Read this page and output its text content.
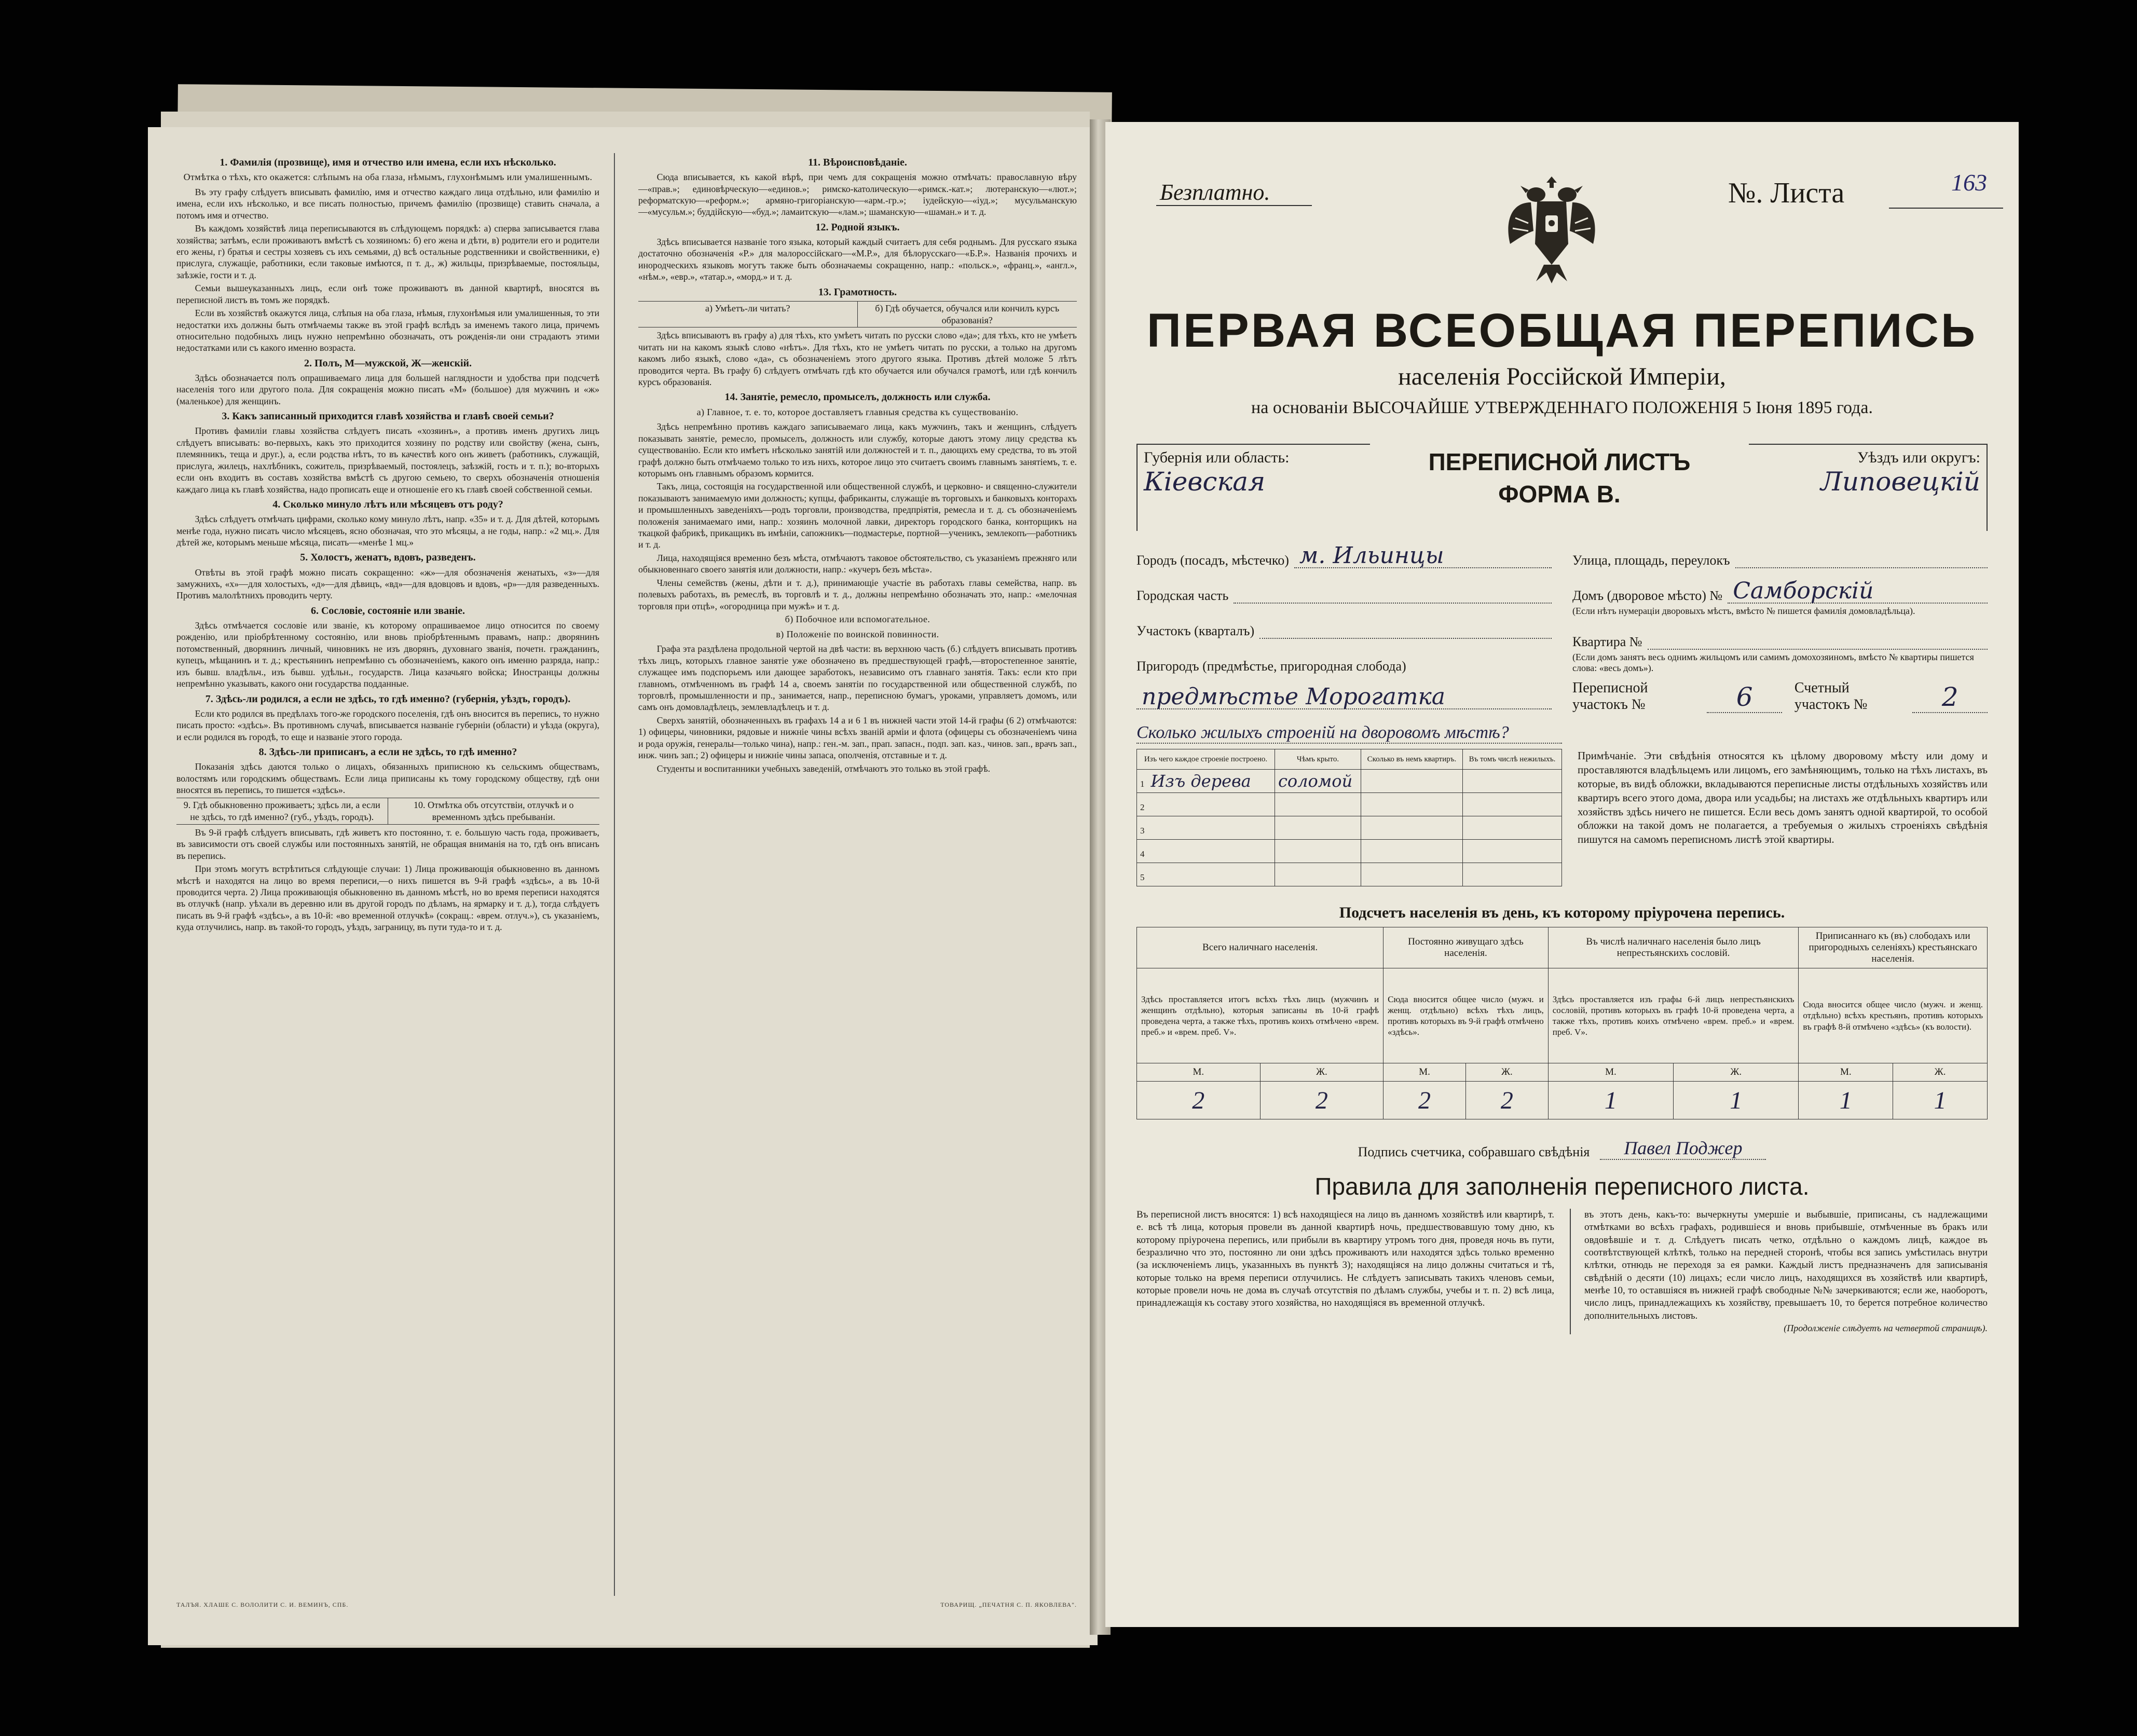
1. Фамилія (прозвище), имя и отчество или имена, если ихъ нѣсколько.
Отмѣтка о тѣхъ, кто окажется: слѣпымъ на оба глаза, нѣмымъ, глухонѣмымъ или умалишеннымъ.

Въ эту графу слѣдуетъ вписывать фамилію, имя и отчество каждаго лица отдѣльно, или фамилію и имена, если ихъ нѣсколько, и все писать полностью, причемъ фамилію (прозвище) ставить сначала, а потомъ имя и отчество.

Въ каждомъ хозяйствѣ лица переписываются въ слѣдующемъ порядкѣ: а) сперва записывается глава хозяйства; затѣмъ, если проживаютъ вмѣстѣ съ хозяиномъ: б) его жена и дѣти, в) родители его и родители его жены, г) братья и сестры хозяевъ съ ихъ семьями, д) всѣ остальные родственники и свойственники, е) прислуга, служащіе, работники, если таковые имѣются, п т. д., ж) жильцы, призрѣваемые, постояльцы, заѣзжіе, гости и т. д.

Семьи вышеуказанныхъ лицъ, если онѣ тоже проживаютъ въ данной квартирѣ, вносятся въ переписной листъ въ томъ же порядкѣ.

Если въ хозяйствѣ окажутся лица, слѣпыя на оба глаза, нѣмыя, глухонѣмыя или умалишенныя, то эти недостатки ихъ должны быть отмѣчаемы также въ этой графѣ вслѣдъ за именемъ такого лица, причемъ относительно подобныхъ лицъ нужно непремѣнно обозначать, отъ рожденія-ли они страдаютъ этими недостатками или съ какого именно возраста.

2. Полъ, М—мужской, Ж—женскій.

Здѣсь обозначается полъ опрашиваемаго лица для большей наглядности и удобства при подсчетѣ населенія того или другого пола. Для сокращенія можно писать «М» (большое) для мужчинъ и «ж» (маленькое) для женщинъ.

3. Какъ записанный приходится главѣ хозяйства и главѣ своей семьи?

Противъ фамиліи главы хозяйства слѣдуетъ писать «хозяинъ», а противъ именъ другихъ лицъ слѣдуетъ вписывать: во-первыхъ, какъ это приходится хозяину по родству или свойству (жена, сынъ, племянникъ, теща и друг.), а, если родства нѣтъ, то въ качествѣ кого онъ живетъ (работникъ, служащій, прислуга, жилецъ, нахлѣбникъ, сожитель, призрѣваемый, постоялецъ, заѣзжій, гость и т. п.); во-вторыхъ если онъ входитъ въ составъ хозяйства вмѣстѣ съ другою семьею, то сверхъ обозначенія отношенія каждаго лица къ главѣ хозяйства, надо прописать еще и отношеніе его къ главѣ своей собственной семьи.

4. Сколько минуло лѣтъ или мѣсяцевъ отъ роду?

Здѣсь слѣдуетъ отмѣчать цифрами, сколько кому минуло лѣтъ, напр. «35» и т. д. Для дѣтей, которымъ менѣе года, нужно писать число мѣсяцевъ, ясно обозначая, что это мѣсяцы, а не годы, напр.: «2 мц.». Для дѣтей же, которымъ меньше мѣсяца, писать—«менѣе 1 мц.»

5. Холостъ, женатъ, вдовъ, разведенъ.

Отвѣты въ этой графѣ можно писать сокращенно: «ж»—для обозначенія женатыхъ, «з»—для замужнихъ, «х»—для холостыхъ, «д»—для дѣвицъ, «вд»—для вдовцовъ и вдовъ, «р»—для разведенныхъ. Противъ малолѣтнихъ проводить черту.

6. Сословіе, состояніе или званіе.

Здѣсь отмѣчается сословіе или званіе, къ которому опрашиваемое лицо относится по своему рожденію, или пріобрѣтенному состоянію, или вновь пріобрѣтеннымъ правамъ, напр.: дворянинъ потомственный, дворянинъ личный, чиновникъ не изъ дворянъ, духовнаго званія, почетн. гражданинъ, купецъ, мѣщанинъ и т. д.; крестьянинъ непремѣнно съ обозначеніемъ, какого онъ именно разряда, напр.: изъ бывш. владѣльч., изъ бывш. удѣльн., государств. Лица казачьяго войска; Иностранцы должны непремѣнно указывать, какого они государства подданные.

7. Здѣсь-ли родился, а если не здѣсь, то гдѣ именно? (губернія, уѣздъ, городъ).

Если кто родился въ предѣлахъ того-же городского поселенія, гдѣ онъ вносится въ перепись, то нужно писать просто: «здѣсь». Въ противномъ случаѣ, вписывается названіе губерніи (области) и уѣзда (округа), и если родился въ городѣ, то еще и названіе этого города.

8. Здѣсь-ли приписанъ, а если не здѣсь, то гдѣ именно?

Показанія здѣсь даются только о лицахъ, обязанныхъ приписною къ сельскимъ обществамъ, волостямъ или городскимъ обществамъ. Если лица приписаны къ тому городскому обществу, гдѣ они вносятся въ перепись, то пишется «здѣсь».

9. Гдѣ обыкновенно проживаетъ; здѣсь ли, а если не здѣсь, то гдѣ именно? (губ., уѣздъ, городъ).
10. Отмѣтка объ отсутствіи, отлучкѣ и о временномъ здѣсь пребываніи.

Въ 9-й графѣ слѣдуетъ вписывать, гдѣ живетъ кто постоянно, т. е. большую часть года, проживаетъ, въ зависимости отъ своей службы или постоянныхъ занятій, не обращая вниманія на то, гдѣ онъ вписанъ въ перепись.

При этомъ могутъ встрѣтиться слѣдующіе случаи: 1) Лица проживающія обыкновенно въ данномъ мѣстѣ и находятся на лицо во время переписи,—о нихъ пишется въ 9-й графѣ «здѣсь», а въ 10-й проводится черта. 2) Лица проживающія обыкновенно въ данномъ мѣстѣ, но во время переписи находятся въ отлучкѣ (напр. уѣхали въ деревню или въ другой городъ по дѣламъ, на ярмарку и т. д.), тогда слѣдуетъ писать въ 9-й графѣ «здѣсь», а въ 10-й: «во временной отлучкѣ» (сокращ.: «врем. отлуч.»), съ указаніемъ, куда отлучились, напр. въ такой-то городъ, уѣздъ, заграницу, въ пути туда-то и т. д.

11. Вѣроисповѣданіе.

Сюда вписывается, къ какой вѣрѣ, при чемъ для сокращенія можно отмѣчать: православную вѣру—«прав.»; единовѣрческую—«единов.»; римско-католическую—«римск.-кат.»; лютеранскую—«лют.»; реформатскую—«реформ.»; армяно-григоріанскую—«арм.-гр.»; іудейскую—«іуд.»; мусульманскую—«мусульм.»; буддійскую—«буд.»; ламаитскую—«лам.»; шаманскую—«шаман.» и т. д.

12. Родной языкъ.

Здѣсь вписывается названіе того языка, который каждый считаетъ для себя роднымъ. Для русскаго языка достаточно обозначенія «Р.» для малороссійскаго—«М.Р.», для бѣлорусскаго—«Б.Р.». Названія прочихъ и инородческихъ языковъ могутъ также быть обозначаемы сокращенно, напр.: «польск.», «франц.», «англ.», «нѣм.», «евр.», «татар.», «морд.» и т. д.

13. Грамотность.
а) Умѣетъ-ли читать?	б) Гдѣ обучается, обучался или кончилъ курсъ образованія?

Здѣсь вписываютъ въ графу а) для тѣхъ, кто умѣетъ читать по русски слово «да»; для тѣхъ, кто не умѣетъ читать ни на какомъ языкѣ слово «нѣтъ». Для тѣхъ, кто не умѣетъ читать по русски, а только на другомъ какомъ либо языкѣ, слово «да», съ обозначеніемъ этого другого языка. Противъ дѣтей моложе 5 лѣтъ проводится черта. Въ графу б) слѣдуетъ отмѣчать гдѣ кто обучается или обучался грамотѣ, или гдѣ кончилъ курсъ образованія.

14. Занятіе, ремесло, промыселъ, должность или служба.
а) Главное, т. е. то, которое доставляетъ главныя средства къ существованію.

Здѣсь непремѣнно противъ каждаго записываемаго лица, какъ мужчинъ, такъ и женщинъ, слѣдуетъ показывать занятіе, ремесло, промыселъ, должность или службу, которые даютъ этому лицу средства къ существованію. Если кто имѣетъ нѣсколько занятій или должностей и т. п., дающихъ ему средства, то въ этой графѣ должно быть отмѣчаемо только то изъ нихъ, которое лицо это считаетъ своимъ главнымъ занятіемъ, т. е. которымъ онъ главнымъ образомъ кормится.

Такъ, лица, состоящія на государственной или общественной службѣ, и церковно- и священно-служители показываютъ занимаемую ими должность; купцы, фабриканты, служащіе въ торговыхъ и банковыхъ конторахъ и промышленныхъ заведеніяхъ—родъ торговли, производства, предпріятія, ремесла и т. д. съ обозначеніемъ положенія занимаемаго ими, напр.: хозяинъ молочной лавки, директоръ городского банка, конторщикъ на ткацкой фабрикѣ, прикащикъ въ имѣніи, сапожникъ—подмастерье, портной—ученикъ, землекопъ—работникъ и т. д.

Лица, находящіяся временно безъ мѣста, отмѣчаютъ таковое обстоятельство, съ указаніемъ прежняго или обыкновеннаго своего занятія или должности, напр.: «кучеръ безъ мѣста».

Члены семействъ (жены, дѣти и т. д.), принимающіе участіе въ работахъ главы семейства, напр. въ полевыхъ работахъ, въ ремеслѣ, въ торговлѣ и т. д., должны непремѣнно обозначать это, напр.: «мелочная торговля при отцѣ», «огородница при мужѣ» и т. д.

б) Побочное или вспомогательное.
в) Положеніе по воинской повинности.

Графа эта раздѣлена продольной чертой на двѣ части: въ верхнюю часть (б.) слѣдуетъ вписывать противъ тѣхъ лицъ, которыхъ главное занятіе уже обозначено въ предшествующей графѣ,—второстепенное занятіе, служащее имъ подспорьемъ или дающее заработокъ, независимо отъ главнаго занятія. Такъ: если кто при главномъ, отмѣченномъ въ графѣ 14 а, своемъ занятіи по государственной или общественной службѣ, по торговлѣ, промышленности и пр., занимается, напр., переписною бумагъ, уроками, управляетъ домомъ, или самъ онъ домовладѣлецъ, землевладѣлецъ и т. д.

Сверхъ занятій, обозначенныхъ въ графахъ 14 а и 6 1 въ нижней части этой 14-й графы (6 2) отмѣчаются: 1) офицеры, чиновники, рядовые и нижніе чины всѣхъ званій арміи и флота (офицеры съ обозначеніемъ чина и рода оружія, генералы—только чина), напр.: ген.-м. зап., прап. запасн., подп. зап. каз., чинов. зап., врачъ зап., инж. чинъ зап.; 2) офицеры и нижніе чины запаса, ополченія, отставные и т. д.

Студенты и воспитанники учебныхъ заведеній, отмѣчаютъ это только въ этой графѣ.

ТАЛЪЯ. ХЛАШЕ С. ВОЛОЛИТИ С. И. ВЕМИНЪ, СПБ.	ТОВАРИЩ. „ПЕЧАТНЯ С. П. ЯКОВЛЕВА".
Безплатно.	№. Листа	163
ПЕРВАЯ ВСЕОБЩАЯ ПЕРЕПИСЬ
населенія Россійской Имперіи,
на основаніи ВЫСОЧАЙШЕ УТВЕРЖДЕННАГО ПОЛОЖЕНІЯ 5 Іюня 1895 года.
Губернія или область:
Кіевская
ПЕРЕПИСНОЙ ЛИСТЪ
ФОРМА В.
Уѣздъ или округъ:
Липовецкій
Городъ (посадъ, мѣстечко) м. Ильинцы
Городская часть
Участокъ (кварталъ)
Пригородъ (предмѣстье, пригородная слобода)
предмѣстье Морогатка
Улица, площадь, переулокъ
Домъ (дворовое мѣсто) № Самборскій
(Если нѣтъ нумераціи дворовыхъ мѣстъ, вмѣсто № пишется фамилія домовладѣльца).
Квартира №
(Если домъ занятъ весь однимъ жильцомъ или самимъ домохозяиномъ, вмѣсто № квартиры пишется слова: «весь домъ»).
Переписной участокъ №	6	Счетный участокъ №	2
Сколько жилыхъ строеній на дворовомъ мѣстѣ?
Изъ чего каждое строеніе построено.	Чѣмъ крыто.	Сколько въ немъ квартиръ.	Въ томъ числѣ нежилыхъ.
1 Изъ дерева	соломой		
2			
3			
4			
5			
Примѣчаніе. Эти свѣдѣнія относятся къ цѣлому дворовому мѣсту или дому и проставляются владѣльцемъ или лицомъ, его замѣняющимъ, только на тѣхъ листахъ, въ которые, въ видѣ обложки, вкладываются переписные листы отдѣльныхъ хозяйствъ или квартиръ всего этого дома, двора или усадьбы; на листахъ же отдѣльныхъ квартиръ или хозяйствъ здѣсь ничего не пишется. Если весь домъ занятъ одной квартирой, то особой обложки на такой домъ не полагается, а требуемыя о жилыхъ строеніяхъ свѣдѣнія пишутся на самомъ переписномъ листѣ этой квартиры.
Подсчетъ населенія въ день, къ которому пріурочена перепись.
Всего наличнаго населенія.		Постоянно живущаго здѣсь населенія.		Въ числѣ наличнаго населенія было лицъ непрестьянскихъ сословій.		Приписаннаго къ (въ) слободахъ или пригородныхъ селеніяхъ) крестьянскаго населенія.	
Здѣсь проставляется итогъ всѣхъ тѣхъ лицъ (мужчинъ и женщинъ отдѣльно), которыя записаны въ 10-й графѣ проведена черта, а также тѣхъ, противъ коихъ отмѣчено «врем. преб.» и «врем. преб. V».		Сюда вносится общее число (мужч. и женщ. отдѣльно) всѣхъ тѣхъ лицъ, противъ которыхъ въ 9-й графѣ отмѣчено «здѣсь».		Здѣсь проставляется изъ графы 6-й лицъ непрестьянскихъ сословій, противъ которыхъ въ графѣ 10-й проведена черта, а также тѣхъ, противъ коихъ отмѣчено «врем. преб.» и «врем. преб. V».		Сюда вносится общее число (мужч. и женщ. отдѣльно) всѣхъ крестьянъ, противъ которыхъ въ графѣ 8-й отмѣчено «здѣсь» (къ волости).	
М.	Ж.	М.	Ж.	М.	Ж.	М.	Ж.
2	2	2	2	1	1	1	1
Подпись счетчика, собравшаго свѣдѣнія	Павел Поджер
Правила для заполненія переписного листа.
Въ переписной листъ вносятся: 1) всѣ находящіеся на лицо въ данномъ хозяйствѣ или квартирѣ, т. е. всѣ тѣ лица, которыя провели въ данной квартирѣ ночь, предшествовавшую тому дню, къ которому пріурочена перепись, или прибыли въ квартиру утромъ того дня, проведя ночь въ пути, безразлично что это, постоянно ли они здѣсь проживаютъ или находятся здѣсь только временно (за исключеніемъ лицъ, указанныхъ въ пунктѣ 3); находящіяся на лицо должны считаться и тѣ, которые только на время переписи отлучились. Не слѣдуетъ записывать такихъ членовъ семьи, которые провели ночь не дома въ случаѣ отсутствія по дѣламъ службы, учебы и т. п. 2) всѣ лица, принадлежащія къ составу этого хозяйства, но находящіяся въ временной отлучкѣ.
въ этотъ день, какъ-то: вычеркнуты умершіе и выбывшіе, приписаны, съ надлежащими отмѣтками во всѣхъ графахъ, родившіеся и вновь прибывшіе, отмѣченные въ бракъ или овдовѣвшіе и т. д. Слѣдуетъ писать четко, отдѣльно о каждомъ лицѣ, каждое въ соотвѣтствующей клѣткѣ, только на передней сторонѣ, чтобы вся запись умѣстилась внутри клѣтки, отнюдь не переходя за ея рамки. Каждый листъ предназначенъ для записыванія свѣдѣній о десяти (10) лицахъ; если число лицъ, находящихся въ хозяйствѣ или квартирѣ, менѣе 10, то оставшіяся въ нижней графѣ свободные №№ зачеркиваются; если же, наоборотъ, число лицъ, принадлежащихъ къ хозяйству, превышаетъ 10, то берется потребное количество дополнительныхъ листовъ.
(Продолженіе слѣдуетъ на четвертой страницѣ).
